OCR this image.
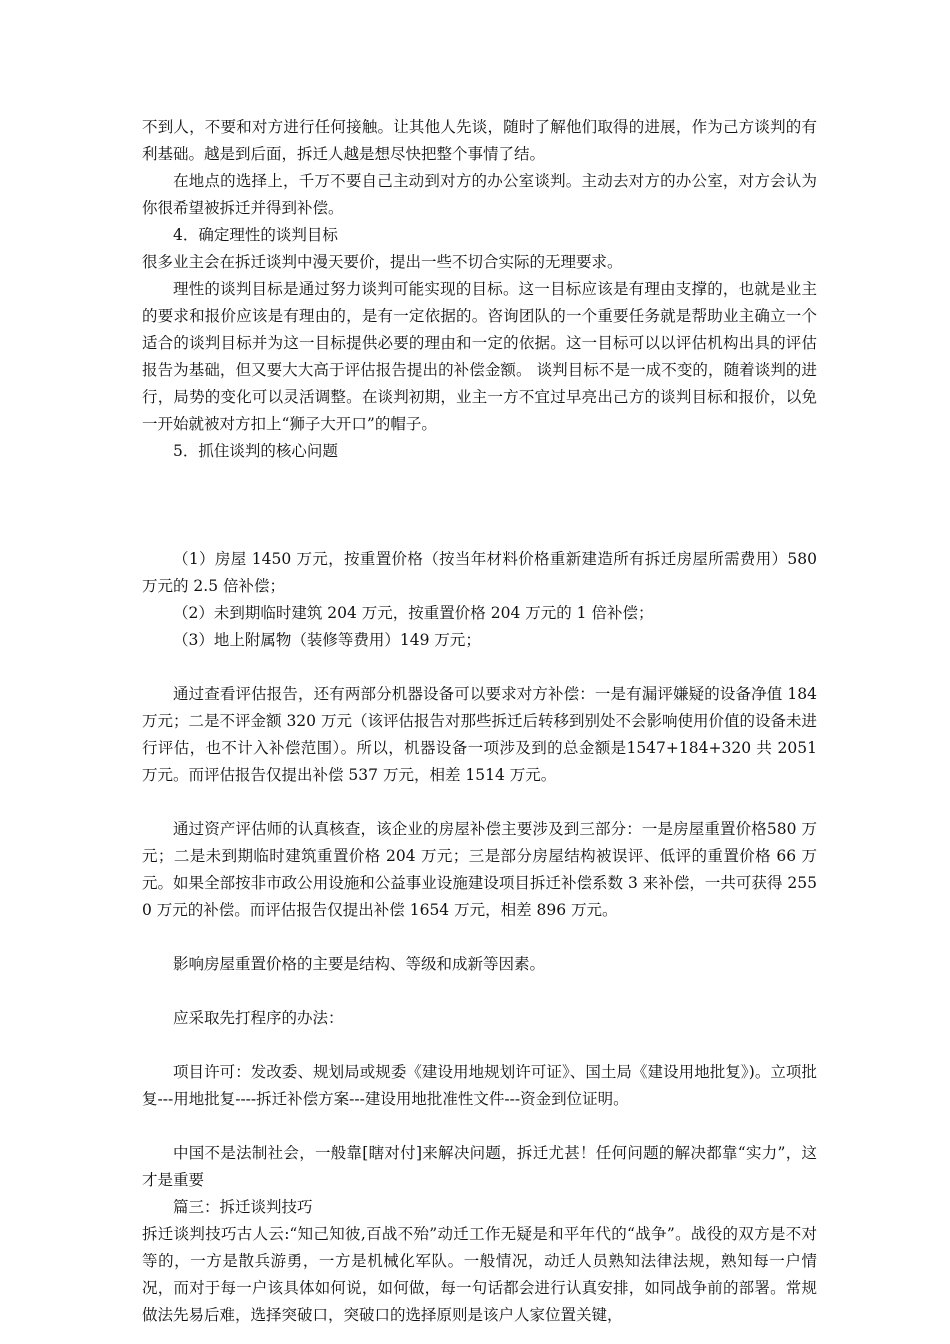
不到人，不要和对方进行任何接触。让其他人先谈，随时了解他们取得的进展，作为己方谈判的有利基础。越是到后面，拆迁人越是想尽快把整个事情了结。

在地点的选择上，千万不要自己主动到对方的办公室谈判。主动去对方的办公室，对方会认为你很希望被拆迁并得到补偿。

4．确定理性的谈判目标

很多业主会在拆迁谈判中漫天要价，提出一些不切合实际的无理要求。

理性的谈判目标是通过努力谈判可能实现的目标。这一目标应该是有理由支撑的，也就是业主的要求和报价应该是有理由的，是有一定依据的。咨询团队的一个重要任务就是帮助业主确立一个适合的谈判目标并为这一目标提供必要的理由和一定的依据。这一目标可以以评估机构出具的评估报告为基础，但又要大大高于评估报告提出的补偿金额。 谈判目标不是一成不变的，随着谈判的进行，局势的变化可以灵活调整。在谈判初期，业主一方不宜过早亮出己方的谈判目标和报价，以免一开始就被对方扣上“狮子大开口”的帽子。

5．抓住谈判的核心问题

（1）房屋 1450 万元，按重置价格（按当年材料价格重新建造所有拆迁房屋所需费用）580 万元的 2.5 倍补偿；

（2）未到期临时建筑 204 万元，按重置价格 204 万元的 1 倍补偿；

（3）地上附属物（装修等费用）149 万元；

通过查看评估报告，还有两部分机器设备可以要求对方补偿：一是有漏评嫌疑的设备净值 184 万元；二是不评金额 320 万元（该评估报告对那些拆迁后转移到别处不会影响使用价值的设备未进行评估，也不计入补偿范围）。所以，机器设备一项涉及到的总金额是1547+184+320 共 2051 万元。而评估报告仅提出补偿 537 万元，相差 1514 万元。

通过资产评估师的认真核查，该企业的房屋补偿主要涉及到三部分：一是房屋重置价格580 万元；二是未到期临时建筑重置价格 204 万元；三是部分房屋结构被误评、低评的重置价格 66 万元。如果全部按非市政公用设施和公益事业设施建设项目拆迁补偿系数 3 来补偿，一共可获得 2550 万元的补偿。而评估报告仅提出补偿 1654 万元，相差 896 万元。

影响房屋重置价格的主要是结构、等级和成新等因素。

应采取先打程序的办法：

项目许可：发改委、规划局或规委《建设用地规划许可证》、国土局《建设用地批复》)。立项批复---用地批复----拆迁补偿方案---建设用地批准性文件---资金到位证明。

中国不是法制社会，一般靠[瞎对付]来解决问题，拆迁尤甚！任何问题的解决都靠“实力”，这才是重要

篇三：拆迁谈判技巧

拆迁谈判技巧古人云:“知己知彼,百战不殆”动迁工作无疑是和平年代的“战争”。战役的双方是不对等的，一方是散兵游勇，一方是机械化军队。一般情况，动迁人员熟知法律法规，熟知每一户情况，而对于每一户该具体如何说，如何做，每一句话都会进行认真安排，如同战争前的部署。常规做法先易后难，选择突破口，突破口的选择原则是该户人家位置关键，
